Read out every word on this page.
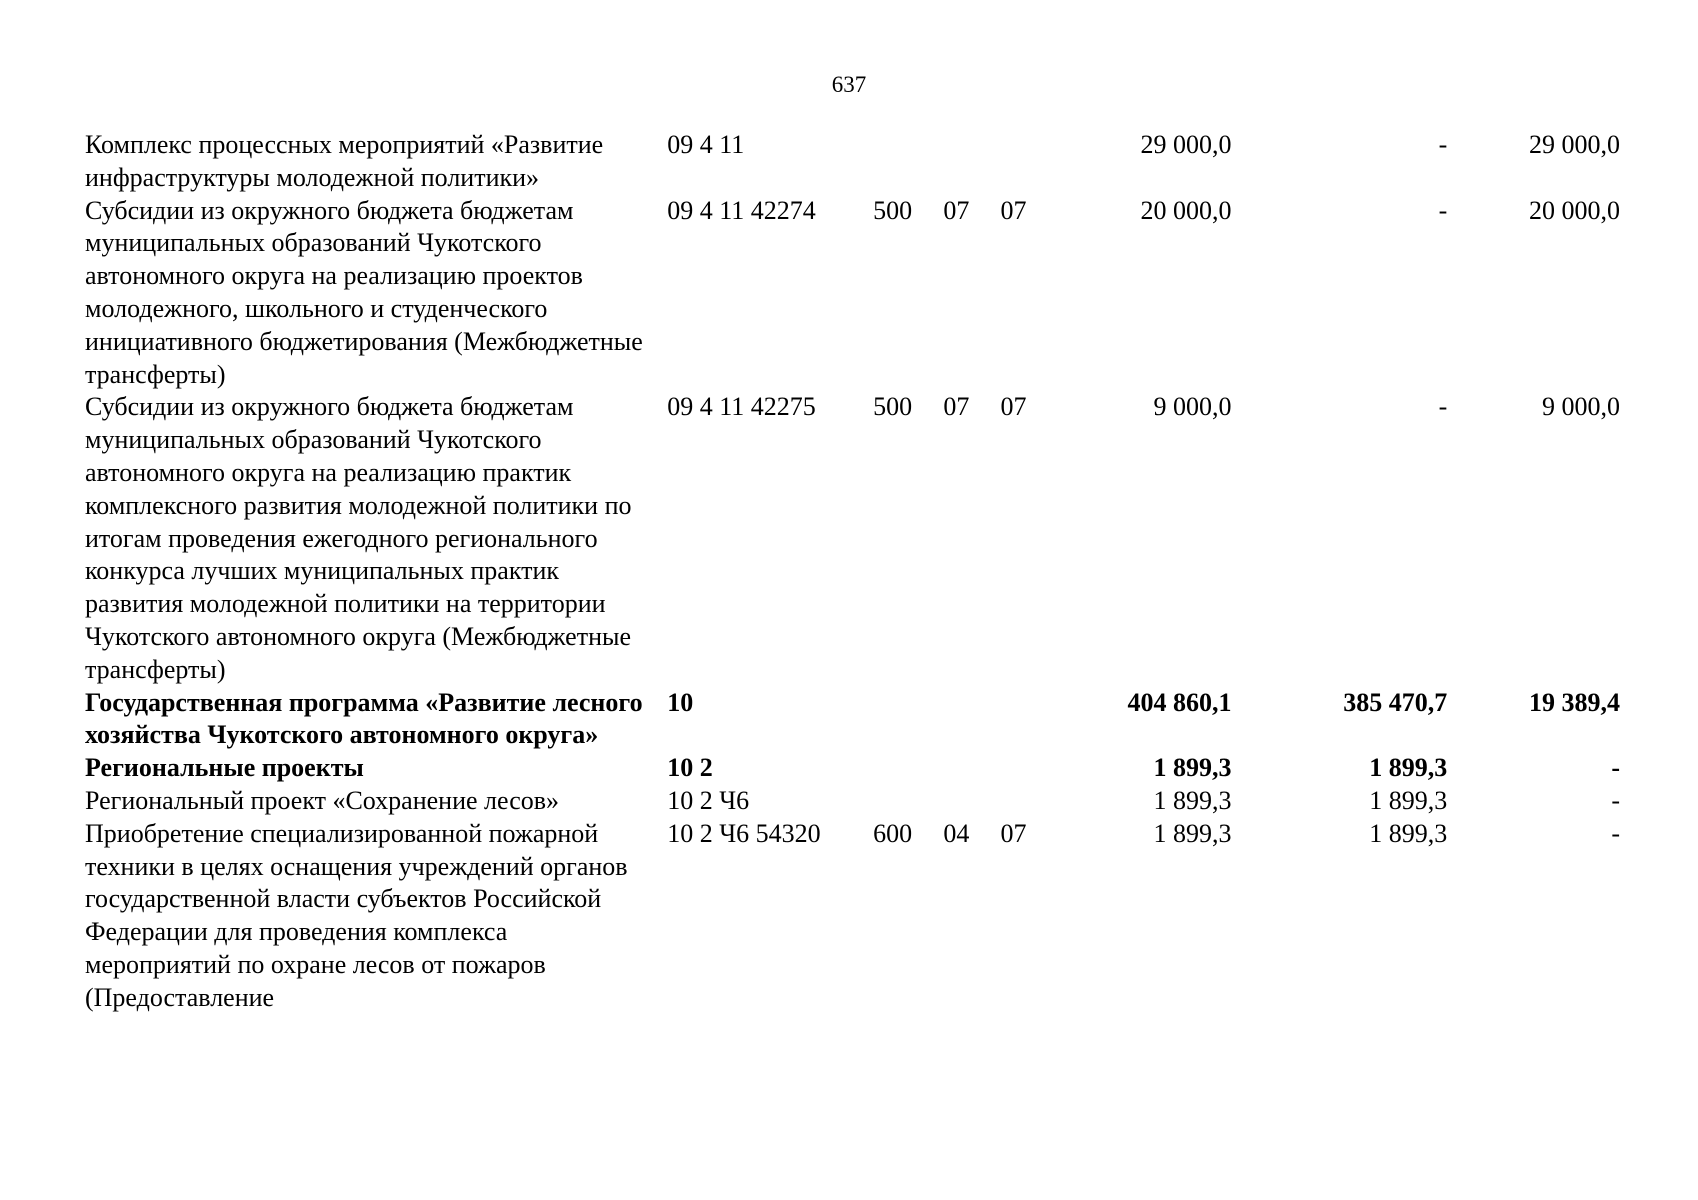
637
Комплекс процессных мероприятий «Развитие инфраструктуры молодежной политики»	09 4 11				29 000,0	-	29 000,0
Субсидии из окружного бюджета бюджетам муниципальных образований Чукотского автономного округа на реализацию проектов молодежного, школьного и студенческого инициативного бюджетирования (Межбюджетные трансферты)	09 4 11 42274	500	07	07	20 000,0	-	20 000,0
Субсидии из окружного бюджета бюджетам муниципальных образований Чукотского автономного округа на реализацию практик комплексного развития молодежной политики по итогам проведения ежегодного регионального конкурса лучших муниципальных практик развития молодежной политики на территории Чукотского автономного округа (Межбюджетные трансферты)	09 4 11 42275	500	07	07	9 000,0	-	9 000,0
Государственная программа «Развитие лесного хозяйства Чукотского автономного округа»	10				404 860,1	385 470,7	19 389,4
Региональные проекты	10 2				1 899,3	1 899,3	-
Региональный проект «Сохранение лесов»	10 2 Ч6				1 899,3	1 899,3	-
Приобретение специализированной пожарной техники в целях оснащения учреждений органов государственной власти субъектов Российской Федерации для проведения комплекса мероприятий по охране лесов от пожаров (Предоставление	10 2 Ч6 54320	600	04	07	1 899,3	1 899,3	-
